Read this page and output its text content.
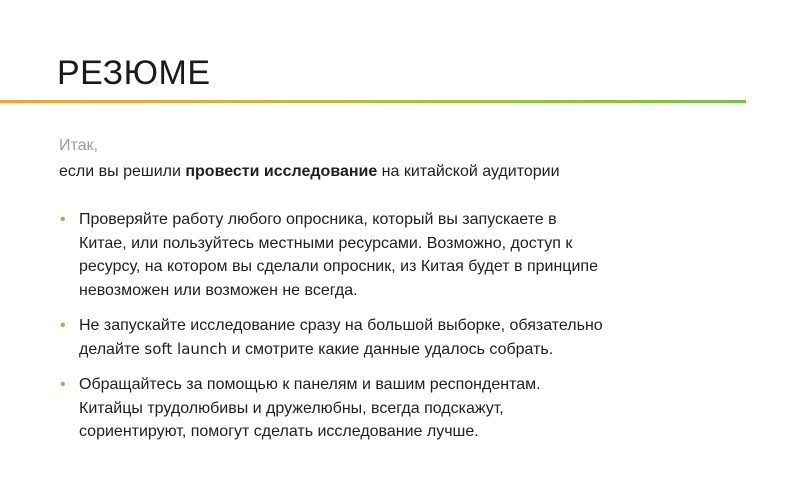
РЕЗЮМЕ
Итак,
если вы решили провести исследование на китайской аудитории
• Проверяйте работу любого опросника, который вы запускаете в
Китае, или пользуйтесь местными ресурсами. Возможно, доступ к
ресурсу, на котором вы сделали опросник, из Китая будет в принципе
невозможен или возможен не всегда.
• Не запускайте исследование сразу на большой выборке, обязательно
делайте soft launch и смотрите какие данные удалось собрать.
• Обращайтесь за помощью к панелям и вашим респондентам.
Китайцы трудолюбивы и дружелюбны, всегда подскажут,
сориентируют, помогут сделать исследование лучше.
